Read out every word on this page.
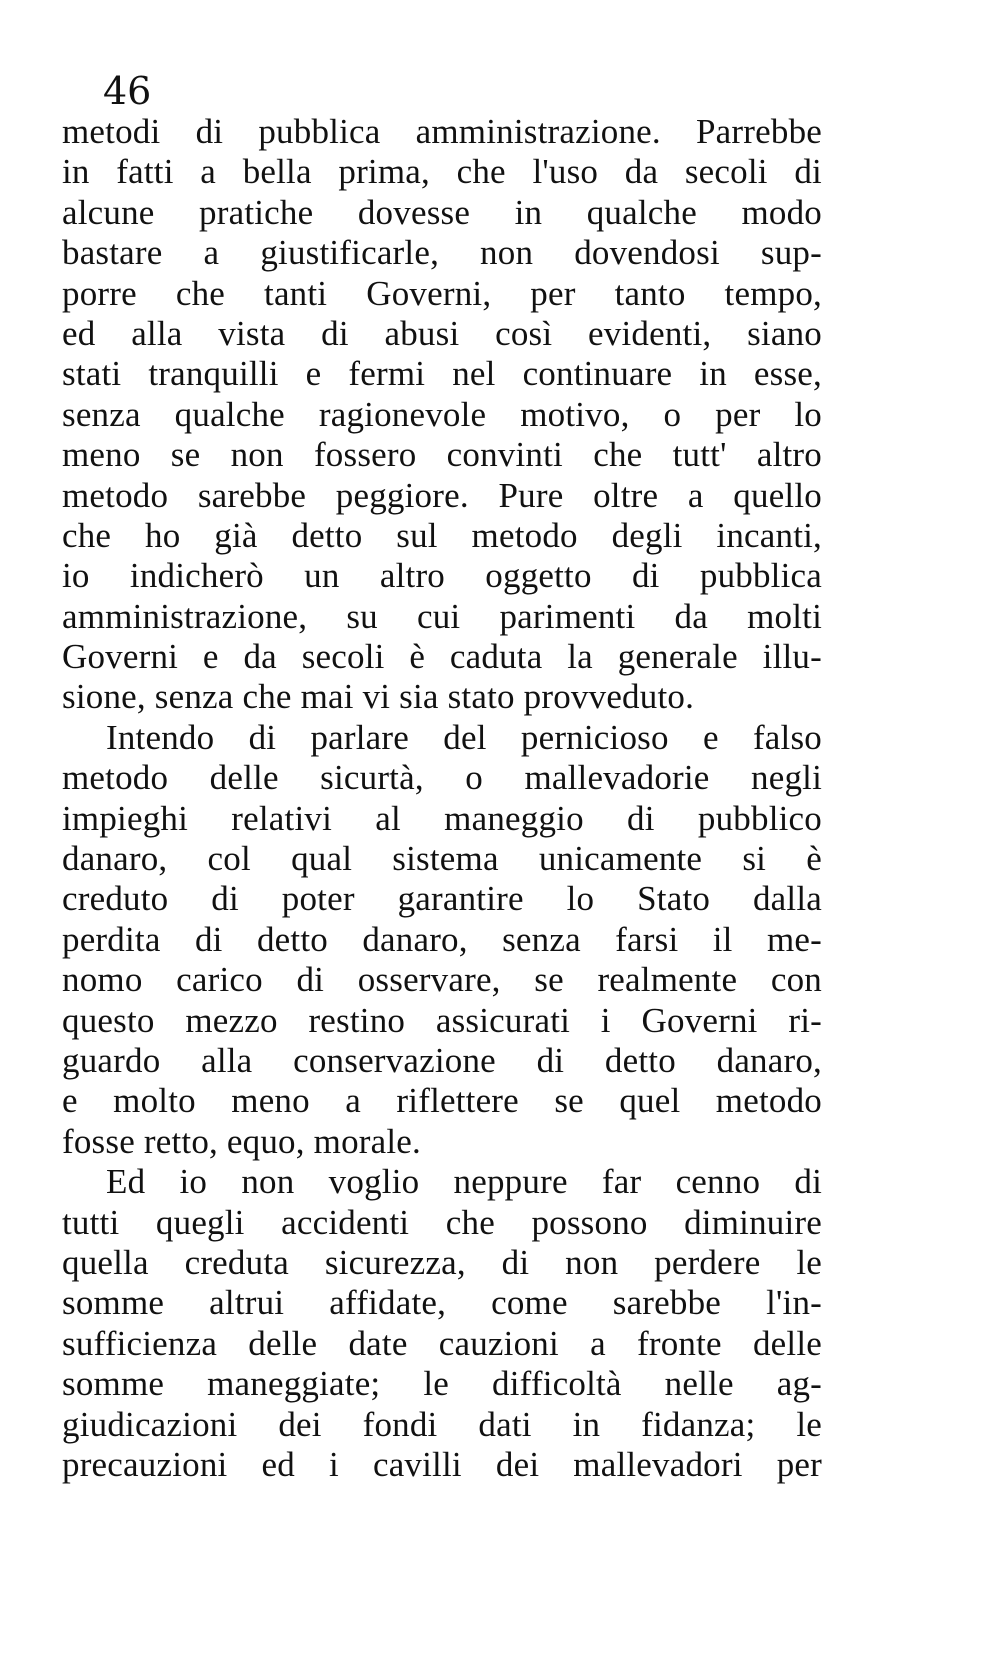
46
metodi di pubblica amministrazione. Parrebbe
in fatti a bella prima, che l'uso da secoli di
alcune pratiche dovesse in qualche modo
bastare a giustificarle, non dovendosi sup-
porre che tanti Governi, per tanto tempo,
ed alla vista di abusi così evidenti, siano
stati tranquilli e fermi nel continuare in esse,
senza qualche ragionevole motivo, o per lo
meno se non fossero convinti che tutt' altro
metodo sarebbe peggiore. Pure oltre a quello
che ho già detto sul metodo degli incanti,
io indicherò un altro oggetto di pubblica
amministrazione, su cui parimenti da molti
Governi e da secoli è caduta la generale illu-
sione, senza che mai vi sia stato provveduto.
Intendo di parlare del pernicioso e falso
metodo delle sicurtà, o mallevadorie negli
impieghi relativi al maneggio di pubblico
danaro, col qual sistema unicamente si è
creduto di poter garantire lo Stato dalla
perdita di detto danaro, senza farsi il me-
nomo carico di osservare, se realmente con
questo mezzo restino assicurati i Governi ri-
guardo alla conservazione di detto danaro,
e molto meno a riflettere se quel metodo
fosse retto, equo, morale.
Ed io non voglio neppure far cenno di
tutti quegli accidenti che possono diminuire
quella creduta sicurezza, di non perdere le
somme altrui affidate, come sarebbe l'in-
sufficienza delle date cauzioni a fronte delle
somme maneggiate; le difficoltà nelle ag-
giudicazioni dei fondi dati in fidanza; le
precauzioni ed i cavilli dei mallevadori per
